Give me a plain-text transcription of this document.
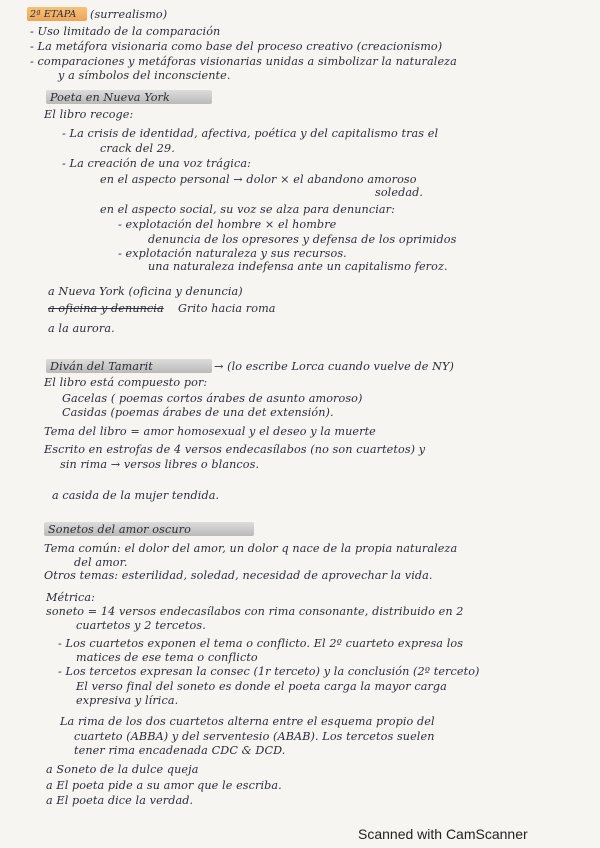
2ª ETAPA (surrealismo)
- Uso limitado de la comparación
- La metáfora visionaria como base del proceso creativo (creacionismo)
- comparaciones y metáforas visionarias unidas a simbolizar la naturaleza
y a símbolos del inconsciente.
Poeta en Nueva York
El libro recoge:
- La crisis de identidad, afectiva, poética y del capitalismo tras el
crack del 29.
- La creación de una voz trágica:
en el aspecto personal → dolor × el abandono amoroso
soledad.
en el aspecto social, su voz se alza para denunciar:
- explotación del hombre × el hombre
denuncia de los opresores y defensa de los oprimidos
- explotación naturaleza y sus recursos.
una naturaleza indefensa ante un capitalismo feroz.
a Nueva York (oficina y denuncia)
a oficina y denuncia Grito hacia roma
a la aurora.
Diván del Tamarit	→ (lo escribe Lorca cuando vuelve de NY)
El libro está compuesto por:
Gacelas ( poemas cortos árabes de asunto amoroso)
Casidas (poemas árabes de una det extensión).
Tema del libro = amor homosexual y el deseo y la muerte
Escrito en estrofas de 4 versos endecasílabos (no son cuartetos) y
sin rima → versos libres o blancos.
a casida de la mujer tendida.
Sonetos del amor oscuro
Tema común: el dolor del amor, un dolor q nace de la propia naturaleza
del amor.
Otros temas: esterilidad, soledad, necesidad de aprovechar la vida.
Métrica:
soneto = 14 versos endecasílabos con rima consonante, distribuido en 2
cuartetos y 2 tercetos.
- Los cuartetos exponen el tema o conflicto. El 2º cuarteto expresa los
matices de ese tema o conflicto
- Los tercetos expresan la consec (1r terceto) y la conclusión (2º terceto)
El verso final del soneto es donde el poeta carga la mayor carga
expresiva y lírica.
La rima de los dos cuartetos alterna entre el esquema propio del
cuarteto (ABBA) y del serventesio (ABAB). Los tercetos suelen
tener rima encadenada CDC & DCD.
a Soneto de la dulce queja
a El poeta pide a su amor que le escriba.
a El poeta dice la verdad.
Scanned with CamScanner
